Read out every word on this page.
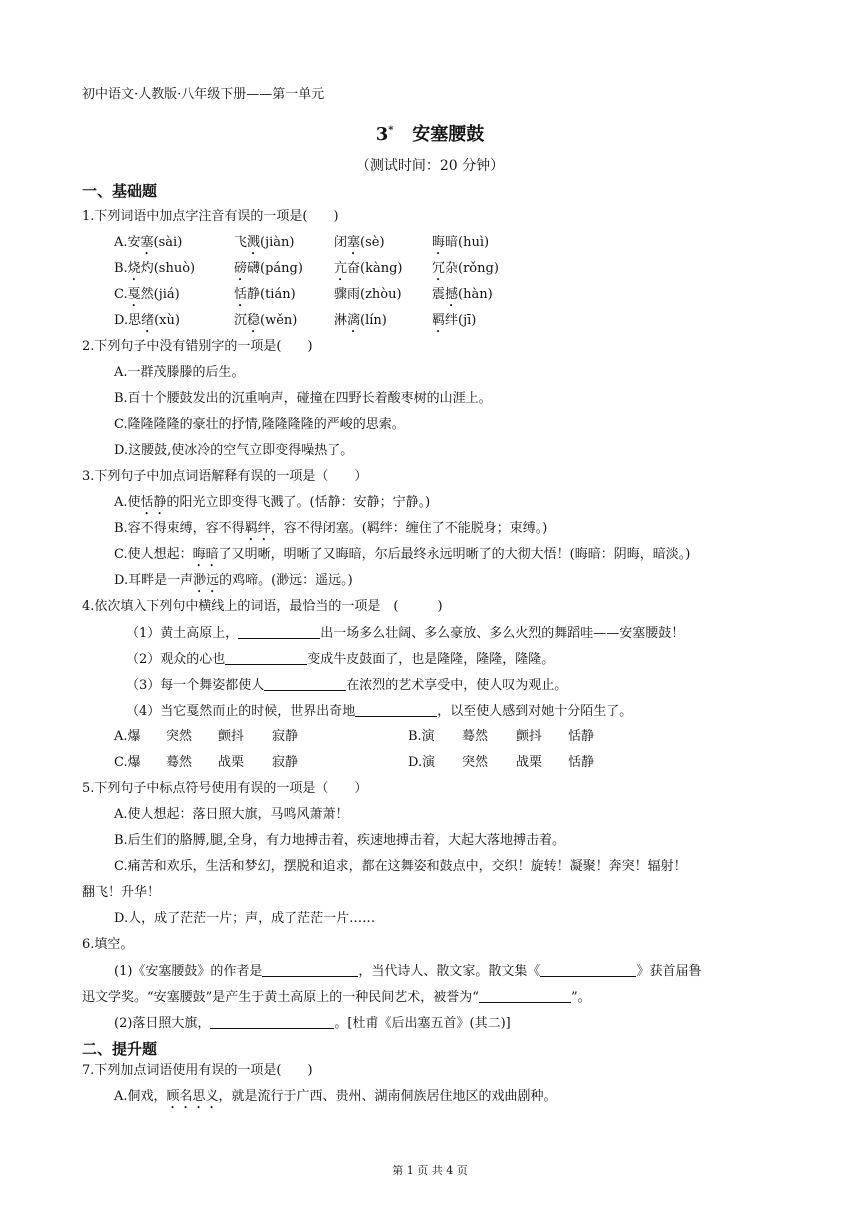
初中语文·人教版·八年级下册——第一单元
3* 安塞腰鼓
（测试时间：20 分钟）
一、基础题
1.下列词语中加点字注音有误的一项是(　　)
A.安塞(sài)	飞溅(jiàn)	闭塞(sè)	晦暗(huì)
B.烧灼(shuò)	磅礴(páng) 亢奋(kàng) 冗杂(rǒng)
C.戛然(jiá)	恬静(tián)	骤雨(zhòu) 震撼(hàn)
D.思绪(xù)	沉稳(wěn)	淋漓(lín)	羁绊(jī)
2.下列句子中没有错别字的一项是(　　)
A.一群茂滕滕的后生。
B.百十个腰鼓发出的沉重响声，碰撞在四野长着酸枣树的山涯上。
C.隆隆隆隆的豪壮的抒情,隆隆隆隆的严峻的思索。
D.这腰鼓,使冰冷的空气立即变得噪热了。
3.下列句子中加点词语解释有误的一项是（　　）
A.使恬静的阳光立即变得飞溅了。(恬静：安静；宁静。)
B.容不得束缚，容不得羁绊，容不得闭塞。(羁绊：缠住了不能脱身；束缚。)
C.使人想起：晦暗了又明晰，明晰了又晦暗，尔后最终永远明晰了的大彻大悟！(晦暗：阴晦，暗淡。)
D.耳畔是一声渺远的鸡啼。(渺远：遥远。)
4.依次填入下列句中横线上的词语，最恰当的一项是　(　　　)
（1）黄土高原上，	出一场多么壮阔、多么豪放、多么火烈的舞蹈哇——安塞腰鼓！
（2）观众的心也	变成牛皮鼓面了，也是隆隆，隆隆，隆隆。
（3）每一个舞姿都使人	在浓烈的艺术享受中，使人叹为观止。
（4）当它戛然而止的时候，世界出奇地	，以至使人感到对她十分陌生了。
A.爆 突然 颤抖 寂静	B.演 蓦然 颤抖 恬静
C.爆 蓦然 战栗 寂静	D.演 突然 战栗 恬静
5.下列句子中标点符号使用有误的一项是（　　）
A.使人想起：落日照大旗，马鸣风萧萧！
B.后生们的胳膊,腿,全身，有力地搏击着，疾速地搏击着，大起大落地搏击着。
C.痛苦和欢乐，生活和梦幻，摆脱和追求，都在这舞姿和鼓点中，交织！旋转！凝聚！奔突！辐射！
翻飞！升华！
D.人，成了茫茫一片；声，成了茫茫一片……
6.填空。
(1)《安塞腰鼓》的作者是	，当代诗人、散文家。散文集《	》获首届鲁
迅文学奖。“安塞腰鼓”是产生于黄土高原上的一种民间艺术，被誉为“	”。
(2)落日照大旗，	。[杜甫《后出塞五首》(其二)]
二、提升题
7.下列加点词语使用有误的一项是(　　)
A.侗戏，顾名思义，就是流行于广西、贵州、湖南侗族居住地区的戏曲剧种。
第 1 页 共 4 页
